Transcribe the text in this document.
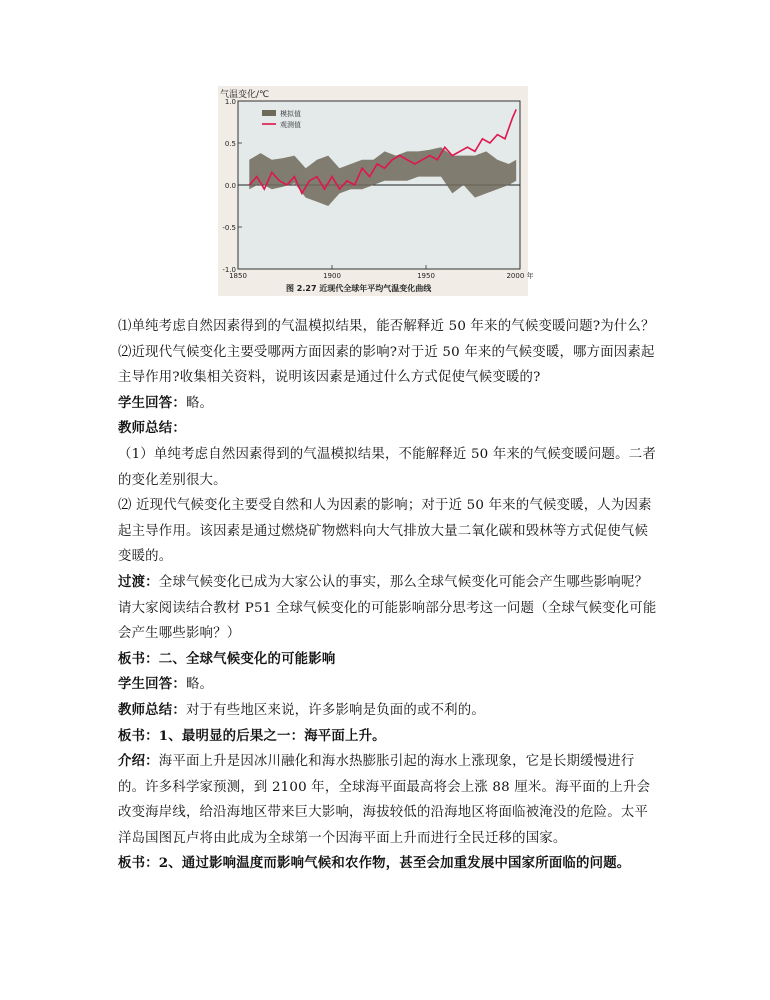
1.0
0.5
0.0
-0.5
-1.0
1850	1900	1950	2000 年
模拟值
观测值
气温变化/℃
图 2.27 近现代全球年平均气温变化曲线

⑴单纯考虑自然因素得到的气温模拟结果，能否解释近 50 年来的气候变暖问题?为什么？⑵近现代气候变化主要受哪两方面因素的影响?对于近 50 年来的气候变暖，哪方面因素起主导作用?收集相关资料，说明该因素是通过什么方式促使气候变暖的?

学生回答：略。

教师总结：

（1）单纯考虑自然因素得到的气温模拟结果，不能解释近 50 年来的气候变暖问题。二者的变化差别很大。

⑵ 近现代气候变化主要受自然和人为因素的影响；对于近 50 年来的气候变暖，人为因素起主导作用。该因素是通过燃烧矿物燃料向大气排放大量二氧化碳和毁林等方式促使气候变暖的。

过渡：全球气候变化已成为大家公认的事实，那么全球气候变化可能会产生哪些影响呢？请大家阅读结合教材 P51 全球气候变化的可能影响部分思考这一问题（全球气候变化可能会产生哪些影响？）

板书：二、全球气候变化的可能影响

学生回答：略。

教师总结：对于有些地区来说，许多影响是负面的或不利的。

板书：1、最明显的后果之一：海平面上升。

介绍：海平面上升是因冰川融化和海水热膨胀引起的海水上涨现象，它是长期缓慢进行的。许多科学家预测，到 2100 年，全球海平面最高将会上涨 88 厘米。海平面的上升会改变海岸线，给沿海地区带来巨大影响，海拔较低的沿海地区将面临被淹没的危险。太平洋岛国图瓦卢将由此成为全球第一个因海平面上升而进行全民迁移的国家。

板书：2、通过影响温度而影响气候和农作物，甚至会加重发展中国家所面临的问题。
